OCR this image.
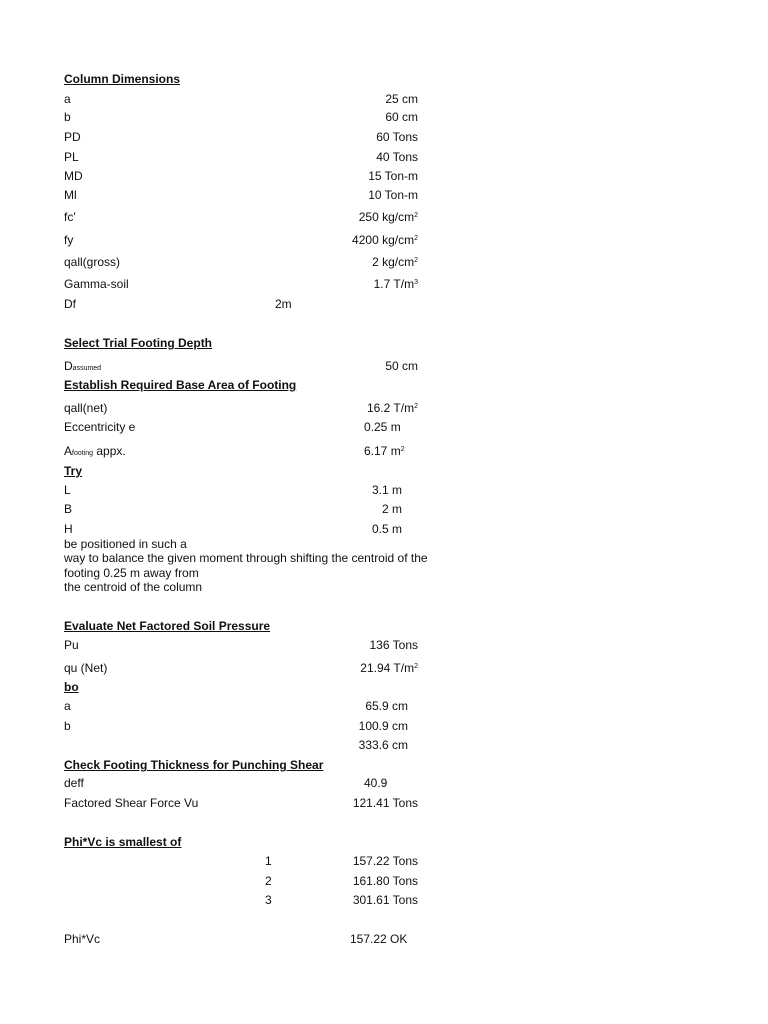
Column Dimensions
a	25 cm
b	60 cm
PD	60 Tons
PL	40 Tons
MD	15 Ton-m
Ml	10 Ton-m
fc'	250 $kg/cm^2$
fy	4200 $kg/cm^2$
qall(gross)	2 $kg/cm^2$
Gamma-soil	1.7 $T/m^3$
Df	2m
Select Trial Footing Depth
Dassumed	50 cm
Establish Required Base Area of Footing
qall(net)	16.2 $T/m^2$
Eccentricity e	0.25 m
Afooting appx.	6.17 $m^2$
Try
L	3.1 m
B	2 m
H	0.5 m
be positioned in such a
way to balance the given moment through shifting the centroid of the
footing 0.25 m away from
the centroid of the column
Evaluate Net Factored Soil Pressure
Pu	136 Tons
qu (Net)	21.94 $T/m^2$
bo
a	65.9 cm
b	100.9 cm
333.6 cm
Check Footing Thickness for Punching Shear
deff	40.9
Factored Shear Force Vu	121.41 Tons
Phi*Vc is smallest of
1	157.22 Tons
2	161.80 Tons
3	301.61 Tons
Phi*Vc	157.22 OK
